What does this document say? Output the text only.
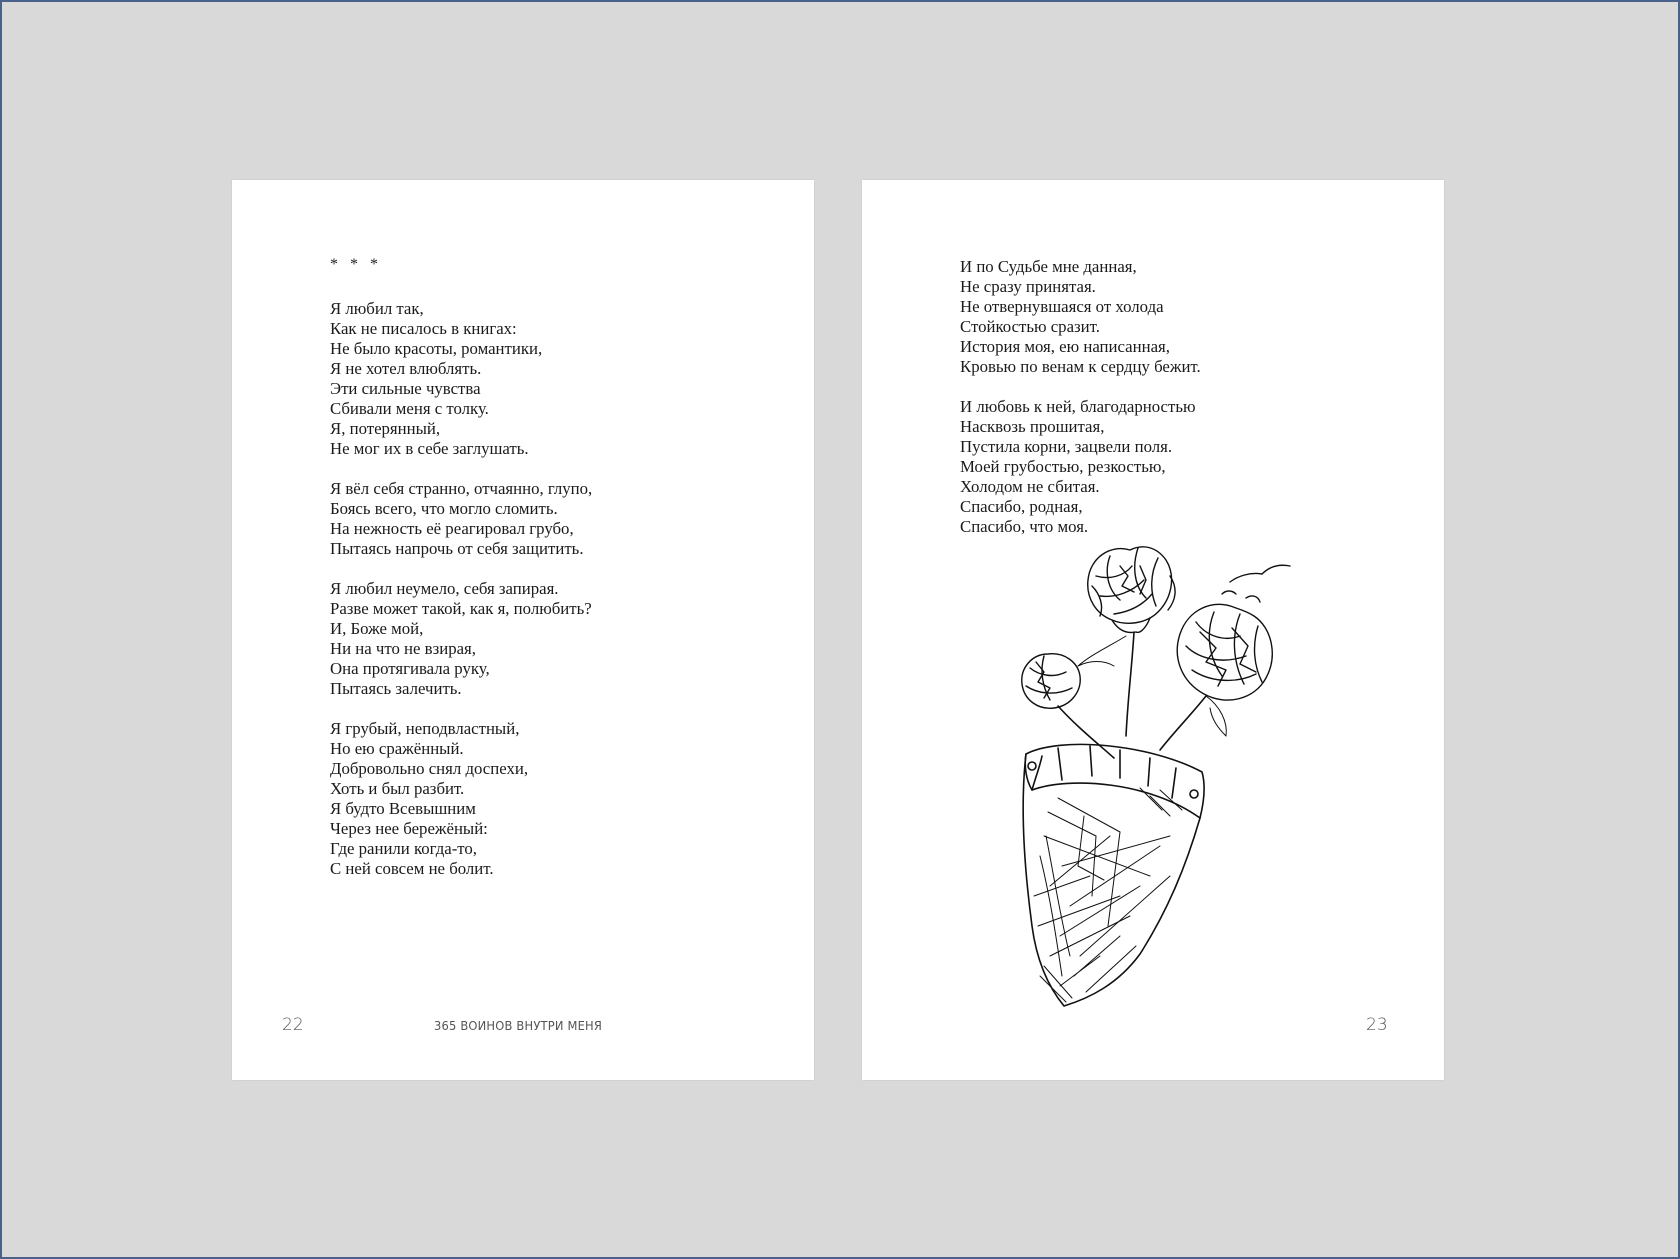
* * *
Я любил так,
Как не писалось в книгах:
Не было красоты, романтики,
Я не хотел влюблять.
Эти сильные чувства
Сбивали меня с толку.
Я, потерянный,
Не мог их в себе заглушать.
Я вёл себя странно, отчаянно, глупо,
Боясь всего, что могло сломить.
На нежность её реагировал грубо,
Пытаясь напрочь от себя защитить.
Я любил неумело, себя запирая.
Разве может такой, как я, полюбить?
И, Боже мой,
Ни на что не взирая,
Она протягивала руку,
Пытаясь залечить.
Я грубый, неподвластный,
Но ею сражённый.
Добровольно снял доспехи,
Хоть и был разбит.
Я будто Всевышним
Через нее бережёный:
Где ранили когда-то,
С ней совсем не болит.
22	365 ВОИНОВ ВНУТРИ МЕНЯ
И по Судьбе мне данная,
Не сразу принятая.
Не отвернувшаяся от холода
Стойкостью сразит.
История моя, ею написанная,
Кровью по венам к сердцу бежит.
И любовь к ней, благодарностью
Насквозь прошитая,
Пустила корни, зацвели поля.
Моей грубостью, резкостью,
Холодом не сбитая.
Спасибо, родная,
Спасибо, что моя.
23
